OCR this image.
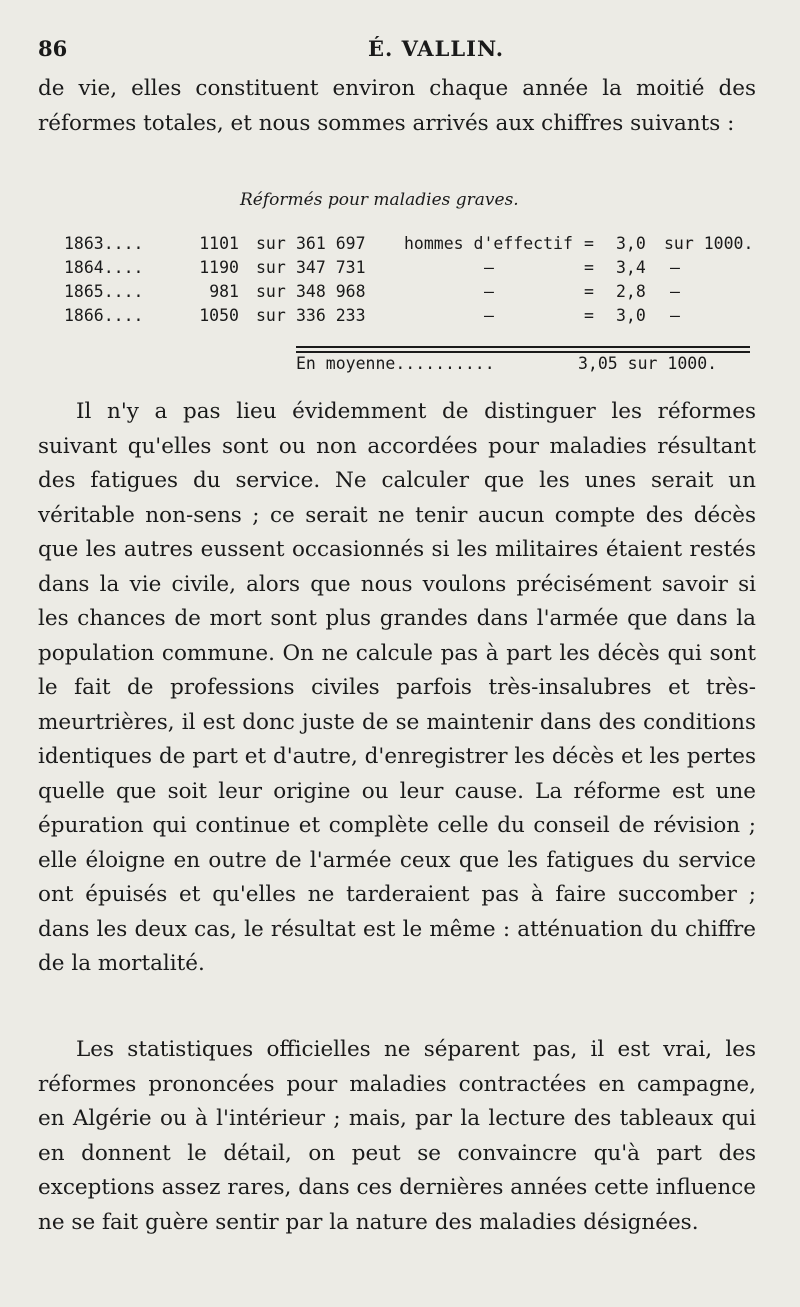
86	É. VALLIN.
de vie, elles constituent environ chaque année la moitié des réformes totales, et nous sommes arrivés aux chiffres suivants :
Réformés pour maladies graves.
1863....	1101 sur 361 697 hommes d'effectif = 3,0 sur 1000.
1864....	1190 sur 347 731	—	= 3,4 —
1865....	981 sur 348 968	—	= 2,8 —
1866....	1050 sur 336 233	—	= 3,0 —
En moyenne..........	3,05 sur 1000.
Il n'y a pas lieu évidemment de distinguer les réformes suivant qu'elles sont ou non accordées pour maladies résultant des fatigues du service. Ne calculer que les unes serait un véritable non-sens ; ce serait ne tenir aucun compte des décès que les autres eussent occasionnés si les militaires étaient restés dans la vie civile, alors que nous voulons précisément savoir si les chances de mort sont plus grandes dans l'armée que dans la population commune. On ne calcule pas à part les décès qui sont le fait de professions civiles parfois très-insalubres et très-meurtrières, il est donc juste de se maintenir dans des conditions identiques de part et d'autre, d'enregistrer les décès et les pertes quelle que soit leur origine ou leur cause. La réforme est une épuration qui continue et complète celle du conseil de révision ; elle éloigne en outre de l'armée ceux que les fatigues du service ont épuisés et qu'elles ne tarderaient pas à faire succomber ; dans les deux cas, le résultat est le même : atténuation du chiffre de la mortalité.
Les statistiques officielles ne séparent pas, il est vrai, les réformes prononcées pour maladies contractées en campagne, en Algérie ou à l'intérieur ; mais, par la lecture des tableaux qui en donnent le détail, on peut se convaincre qu'à part des exceptions assez rares, dans ces dernières années cette influence ne se fait guère sentir par la nature des maladies désignées.
